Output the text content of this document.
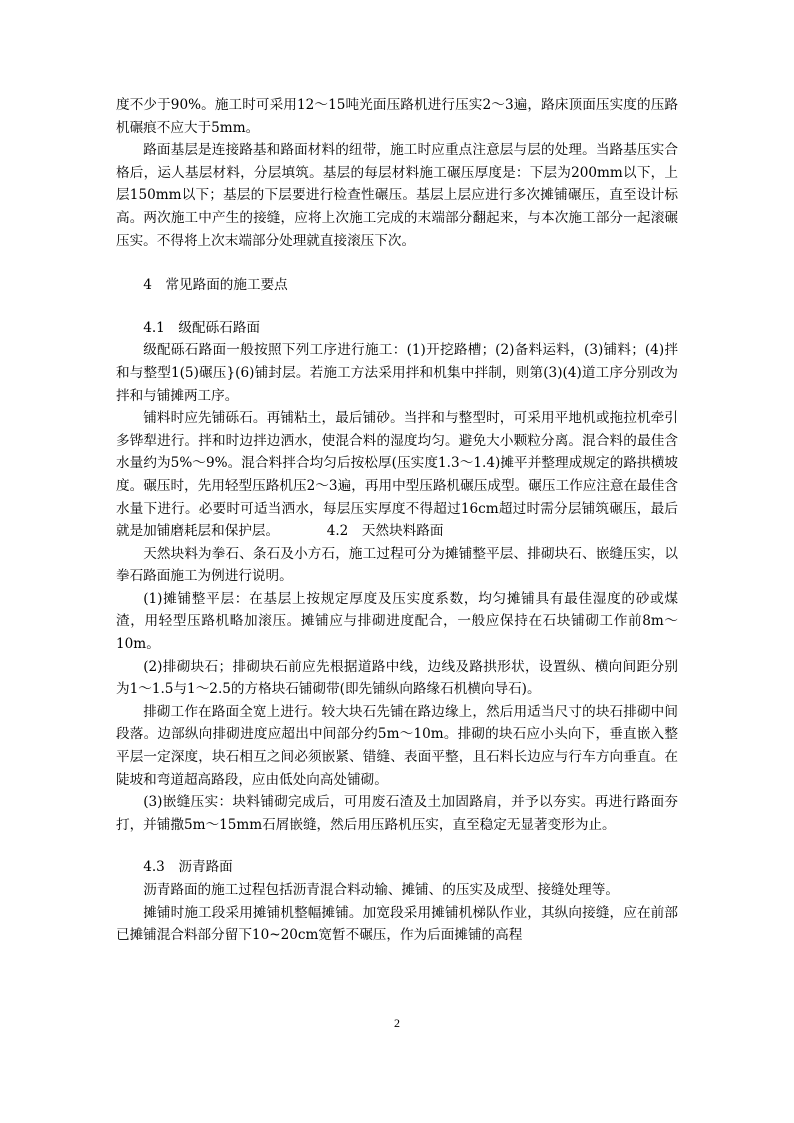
度不少于90%。施工时可采用12～15吨光面压路机进行压实2～3遍，路床顶面压实度的压路机碾痕不应大于5mm。

路面基层是连接路基和路面材料的纽带，施工时应重点注意层与层的处理。当路基压实合格后，运人基层材料，分层填筑。基层的每层材料施工碾压厚度是：下层为200mm以下，上层150mm以下；基层的下层要进行检查性碾压。基层上层应进行多次摊铺碾压，直至设计标高。两次施工中产生的接缝，应将上次施工完成的末端部分翻起来，与本次施工部分一起滚碾压实。不得将上次末端部分处理就直接滚压下次。

4　常见路面的施工要点

4.1　级配砾石路面

级配砾石路面一般按照下列工序进行施工：(1)开挖路槽；(2)备料运料，(3)铺料；(4)拌和与整型1(5)碾压}(6)铺封层。若施工方法采用拌和机集中拌制，则第(3)(4)道工序分别改为拌和与铺摊两工序。

铺料时应先铺砾石。再铺粘土，最后铺砂。当拌和与整型时，可采用平地机或拖拉机牵引多铧犁进行。拌和时边拌边洒水，使混合料的湿度均匀。避免大小颗粒分离。混合料的最佳含水量约为5%～9%。混合料拌合均匀后按松厚(压实度1.3～1.4)摊平并整理成规定的路拱横坡度。碾压时，先用轻型压路机压2～3遍，再用中型压路机碾压成型。碾压工作应注意在最佳含水量下进行。必要时可适当洒水，每层压实厚度不得超过16cm超过时需分层铺筑碾压，最后就是加铺磨耗层和保护层。　　　　4.2　天然块料路面

天然块料为拳石、条石及小方石，施工过程可分为摊铺整平层、排砌块石、嵌缝压实，以拳石路面施工为例进行说明。

(1)摊铺整平层：在基层上按规定厚度及压实度系数，均匀摊铺具有最佳湿度的砂或煤渣，用轻型压路机略加滚压。摊铺应与排砌进度配合，一般应保持在石块铺砌工作前8m～10m。

(2)排砌块石；排砌块石前应先根据道路中线，边线及路拱形状，设置纵、横向间距分别为1～1.5与1～2.5的方格块石铺砌带(即先铺纵向路缘石机横向导石)。

排砌工作在路面全宽上进行。较大块石先铺在路边缘上，然后用适当尺寸的块石排砌中间段落。边部纵向排砌进度应超出中间部分约5m～10m。排砌的块石应小头向下，垂直嵌入整平层一定深度，块石相互之间必须嵌紧、错缝、表面平整，且石料长边应与行车方向垂直。在陡坡和弯道超高路段，应由低处向高处铺砌。

(3)嵌缝压实：块料铺砌完成后，可用废石渣及土加固路肩，并予以夯实。再进行路面夯打，并铺撒5m～15mm石屑嵌缝，然后用压路机压实，直至稳定无显著变形为止。

4.3　沥青路面

沥青路面的施工过程包括沥青混合料动输、摊铺、的压实及成型、接缝处理等。

摊铺时施工段采用摊铺机整幅摊铺。加宽段采用摊铺机梯队作业，其纵向接缝，应在前部已摊铺混合料部分留下10~20cm宽暂不碾压，作为后面摊铺的高程

2
